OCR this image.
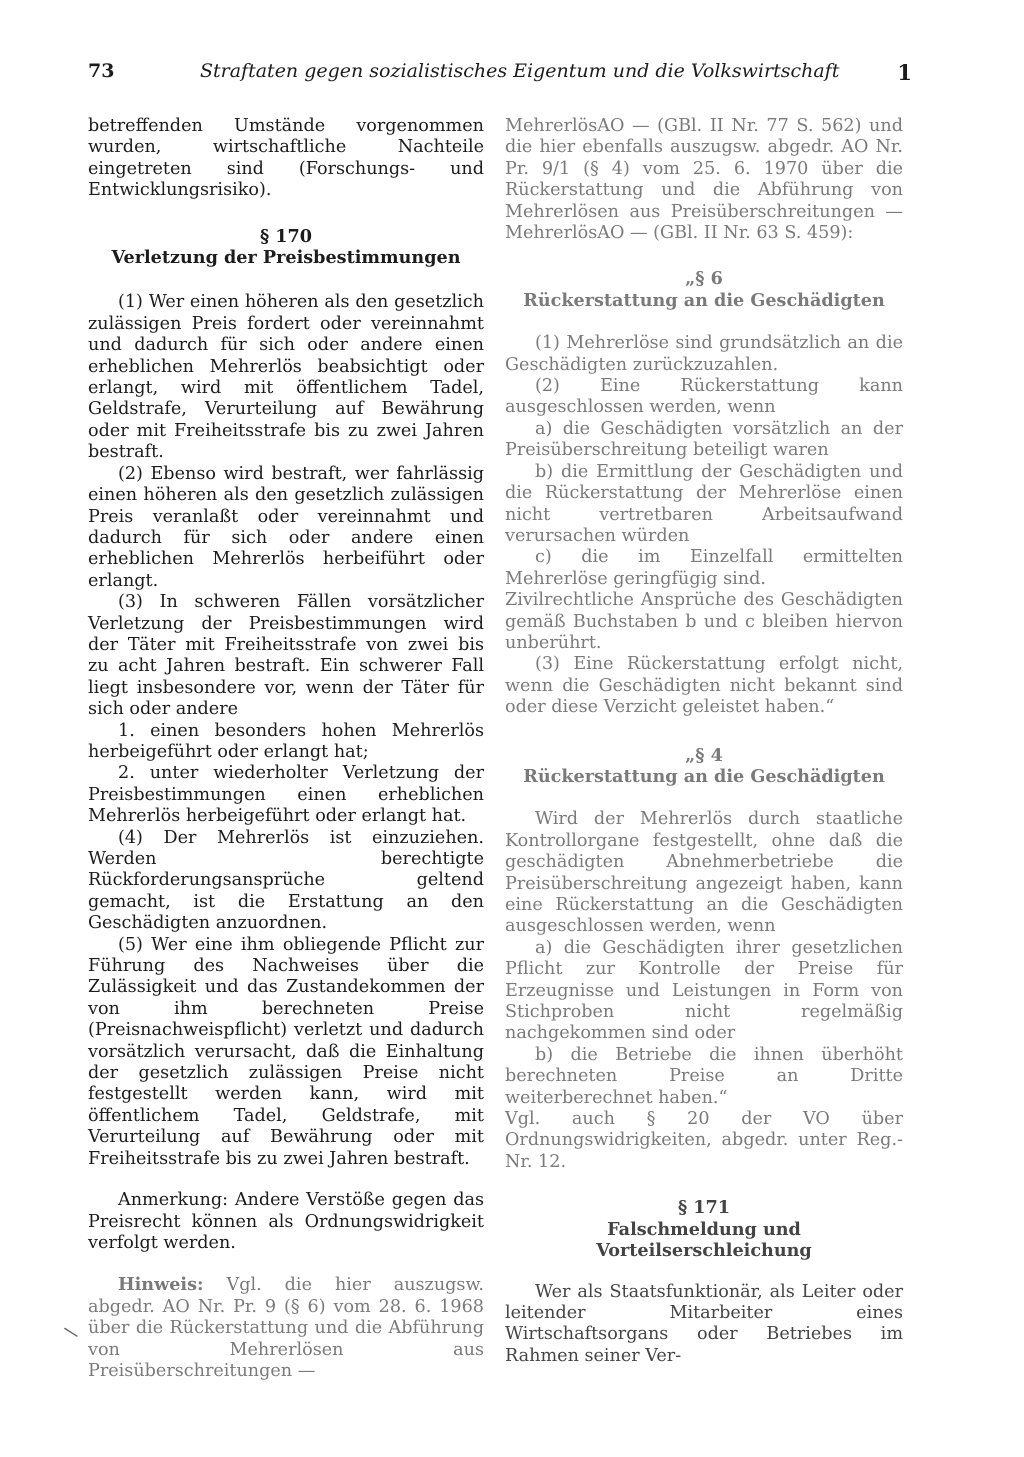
73	Straftaten gegen sozialistisches Eigentum und die Volkswirtschaft	1

betreffenden Umstände vorgenommen wurden, wirtschaftliche Nachteile eingetreten sind (Forschungs- und Entwicklungsrisiko).

§ 170

Verletzung der Preisbestimmungen

(1) Wer einen höheren als den gesetzlich zulässigen Preis fordert oder vereinnahmt und dadurch für sich oder andere einen erheblichen Mehrerlös beabsichtigt oder erlangt, wird mit öffentlichem Tadel, Geldstrafe, Verurteilung auf Bewährung oder mit Freiheitsstrafe bis zu zwei Jahren bestraft.

(2) Ebenso wird bestraft, wer fahrlässig einen höheren als den gesetzlich zulässigen Preis veranlaßt oder vereinnahmt und dadurch für sich oder andere einen erheblichen Mehrerlös herbeiführt oder erlangt.

(3) In schweren Fällen vorsätzlicher Verletzung der Preisbestimmungen wird der Täter mit Freiheitsstrafe von zwei bis zu acht Jahren bestraft. Ein schwerer Fall liegt insbesondere vor, wenn der Täter für sich oder andere

1. einen besonders hohen Mehrerlös herbeigeführt oder erlangt hat;

2. unter wiederholter Verletzung der Preisbestimmungen einen erheblichen Mehrerlös herbeigeführt oder erlangt hat.

(4) Der Mehrerlös ist einzuziehen. Werden berechtigte Rückforderungsansprüche geltend gemacht, ist die Erstattung an den Geschädigten anzuordnen.

(5) Wer eine ihm obliegende Pflicht zur Führung des Nachweises über die Zulässigkeit und das Zustandekommen der von ihm berechneten Preise (Preisnachweispflicht) verletzt und dadurch vorsätzlich verursacht, daß die Einhaltung der gesetzlich zulässigen Preise nicht festgestellt werden kann, wird mit öffentlichem Tadel, Geldstrafe, mit Verurteilung auf Bewährung oder mit Freiheitsstrafe bis zu zwei Jahren bestraft.

Anmerkung: Andere Verstöße gegen das Preisrecht können als Ordnungswidrigkeit verfolgt werden.

Hinweis: Vgl. die hier auszugsw. abgedr. AO Nr. Pr. 9 (§ 6) vom 28. 6. 1968 über die Rückerstattung und die Abführung von Mehrerlösen aus Preisüberschreitungen —

MehrerlösAO — (GBl. II Nr. 77 S. 562) und die hier ebenfalls auszugsw. abgedr. AO Nr. Pr. 9/1 (§ 4) vom 25. 6. 1970 über die Rückerstattung und die Abführung von Mehrerlösen aus Preisüberschreitungen — MehrerlösAO — (GBl. II Nr. 63 S. 459):

„§ 6

Rückerstattung an die Geschädigten

(1) Mehrerlöse sind grundsätzlich an die Geschädigten zurückzuzahlen.

(2) Eine Rückerstattung kann ausgeschlossen werden, wenn

a) die Geschädigten vorsätzlich an der Preisüberschreitung beteiligt waren

b) die Ermittlung der Geschädigten und die Rückerstattung der Mehrerlöse einen nicht vertretbaren Arbeitsaufwand verursachen würden

c) die im Einzelfall ermittelten Mehrerlöse geringfügig sind.

Zivilrechtliche Ansprüche des Geschädigten gemäß Buchstaben b und c bleiben hiervon unberührt.

(3) Eine Rückerstattung erfolgt nicht, wenn die Geschädigten nicht bekannt sind oder diese Verzicht geleistet haben.“

„§ 4

Rückerstattung an die Geschädigten

Wird der Mehrerlös durch staatliche Kontrollorgane festgestellt, ohne daß die geschädigten Abnehmerbetriebe die Preisüberschreitung angezeigt haben, kann eine Rückerstattung an die Geschädigten ausgeschlossen werden, wenn

a) die Geschädigten ihrer gesetzlichen Pflicht zur Kontrolle der Preise für Erzeugnisse und Leistungen in Form von Stichproben nicht regelmäßig nachgekommen sind oder

b) die Betriebe die ihnen überhöht berechneten Preise an Dritte weiterberechnet haben.“

Vgl. auch § 20 der VO über Ordnungswidrigkeiten, abgedr. unter Reg.-Nr. 12.

§ 171

Falschmeldung und Vorteilserschleichung

Wer als Staatsfunktionär, als Leiter oder leitender Mitarbeiter eines Wirtschaftsorgans oder Betriebes im Rahmen seiner Ver-

\
